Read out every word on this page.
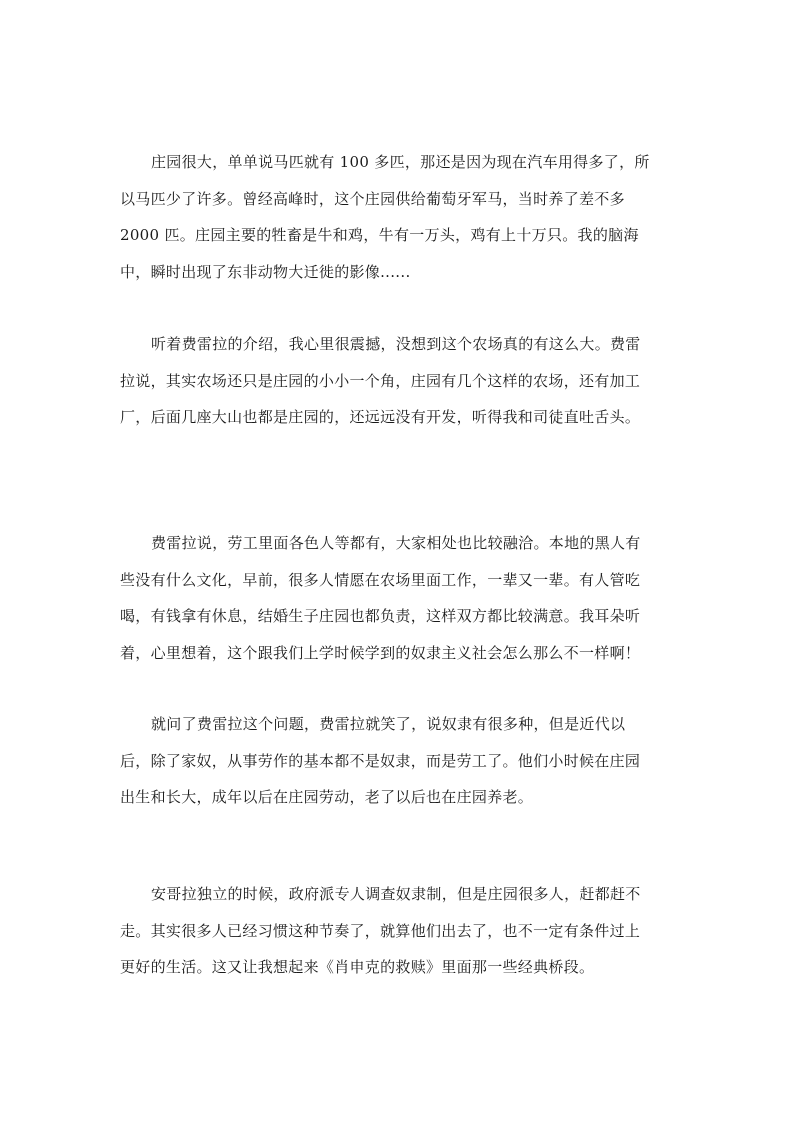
庄园很大，单单说马匹就有 100 多匹，那还是因为现在汽车用得多了，所
以马匹少了许多。曾经高峰时，这个庄园供给葡萄牙军马，当时养了差不多
2000 匹。庄园主要的牲畜是牛和鸡，牛有一万头，鸡有上十万只。我的脑海
中，瞬时出现了东非动物大迁徙的影像......
听着费雷拉的介绍，我心里很震撼，没想到这个农场真的有这么大。费雷
拉说，其实农场还只是庄园的小小一个角，庄园有几个这样的农场，还有加工
厂，后面几座大山也都是庄园的，还远远没有开发，听得我和司徒直吐舌头。
费雷拉说，劳工里面各色人等都有，大家相处也比较融洽。本地的黑人有
些没有什么文化，早前，很多人情愿在农场里面工作，一辈又一辈。有人管吃
喝，有钱拿有休息，结婚生子庄园也都负责，这样双方都比较满意。我耳朵听
着，心里想着，这个跟我们上学时候学到的奴隶主义社会怎么那么不一样啊！
就问了费雷拉这个问题，费雷拉就笑了，说奴隶有很多种，但是近代以
后，除了家奴，从事劳作的基本都不是奴隶，而是劳工了。他们小时候在庄园
出生和长大，成年以后在庄园劳动，老了以后也在庄园养老。
安哥拉独立的时候，政府派专人调查奴隶制，但是庄园很多人，赶都赶不
走。其实很多人已经习惯这种节奏了，就算他们出去了，也不一定有条件过上
更好的生活。这又让我想起来《肖申克的救赎》里面那一些经典桥段。
